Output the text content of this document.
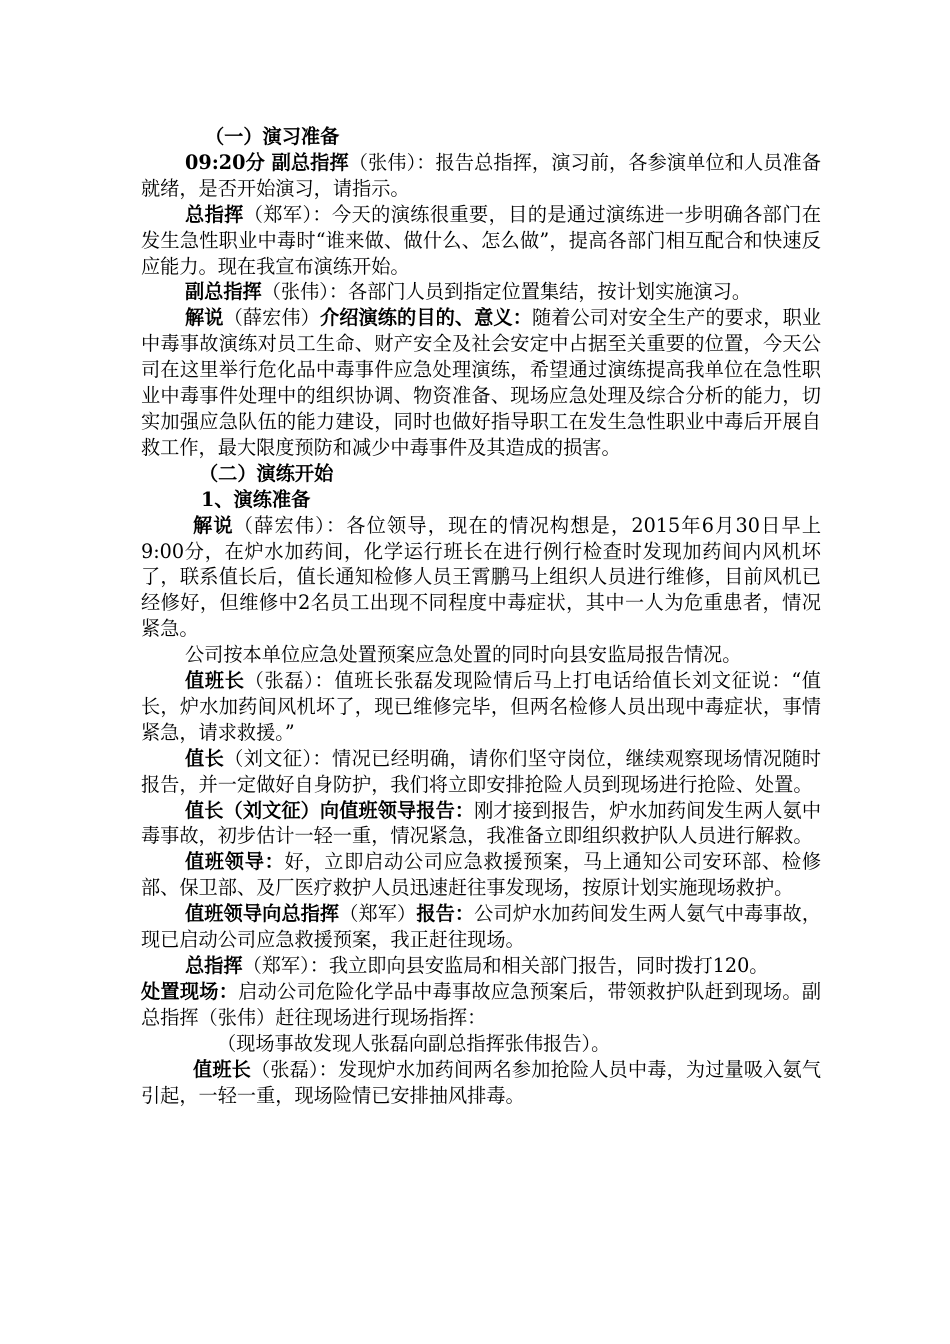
（一）演习准备

09:20分 副总指挥（张伟）：报告总指挥，演习前，各参演单位和人员准备就绪，是否开始演习，请指示。

总指挥（郑军）：今天的演练很重要，目的是通过演练进一步明确各部门在发生急性职业中毒时“谁来做、做什么、怎么做”，提高各部门相互配合和快速反应能力。现在我宣布演练开始。

副总指挥（张伟）：各部门人员到指定位置集结，按计划实施演习。

解说（薛宏伟）介绍演练的目的、意义：随着公司对安全生产的要求，职业中毒事故演练对员工生命、财产安全及社会安定中占据至关重要的位置，今天公司在这里举行危化品中毒事件应急处理演练，希望通过演练提高我单位在急性职业中毒事件处理中的组织协调、物资准备、现场应急处理及综合分析的能力，切实加强应急队伍的能力建设，同时也做好指导职工在发生急性职业中毒后开展自救工作，最大限度预防和减少中毒事件及其造成的损害。

（二）演练开始

1、演练准备

解说（薛宏伟）：各位领导，现在的情况构想是，2015年6月30日早上9:00分，在炉水加药间，化学运行班长在进行例行检查时发现加药间内风机坏了，联系值长后，值长通知检修人员王霄鹏马上组织人员进行维修，目前风机已经修好，但维修中2名员工出现不同程度中毒症状，其中一人为危重患者，情况紧急。

公司按本单位应急处置预案应急处置的同时向县安监局报告情况。

值班长（张磊）：值班长张磊发现险情后马上打电话给值长刘文征说：“值长，炉水加药间风机坏了，现已维修完毕，但两名检修人员出现中毒症状，事情紧急，请求救援。”

值长（刘文征）：情况已经明确，请你们坚守岗位，继续观察现场情况随时报告，并一定做好自身防护，我们将立即安排抢险人员到现场进行抢险、处置。

值长（刘文征）向值班领导报告：刚才接到报告，炉水加药间发生两人氨中毒事故，初步估计一轻一重，情况紧急，我准备立即组织救护队人员进行解救。

值班领导：好，立即启动公司应急救援预案，马上通知公司安环部、检修部、保卫部、及厂医疗救护人员迅速赶往事发现场，按原计划实施现场救护。

值班领导向总指挥（郑军）报告：公司炉水加药间发生两人氨气中毒事故，现已启动公司应急救援预案，我正赶往现场。

总指挥（郑军）：我立即向县安监局和相关部门报告，同时拨打120。

处置现场：启动公司危险化学品中毒事故应急预案后，带领救护队赶到现场。副总指挥（张伟）赶往现场进行现场指挥：

（现场事故发现人张磊向副总指挥张伟报告）。

值班长（张磊）：发现炉水加药间两名参加抢险人员中毒，为过量吸入氨气引起，一轻一重，现场险情已安排抽风排毒。
